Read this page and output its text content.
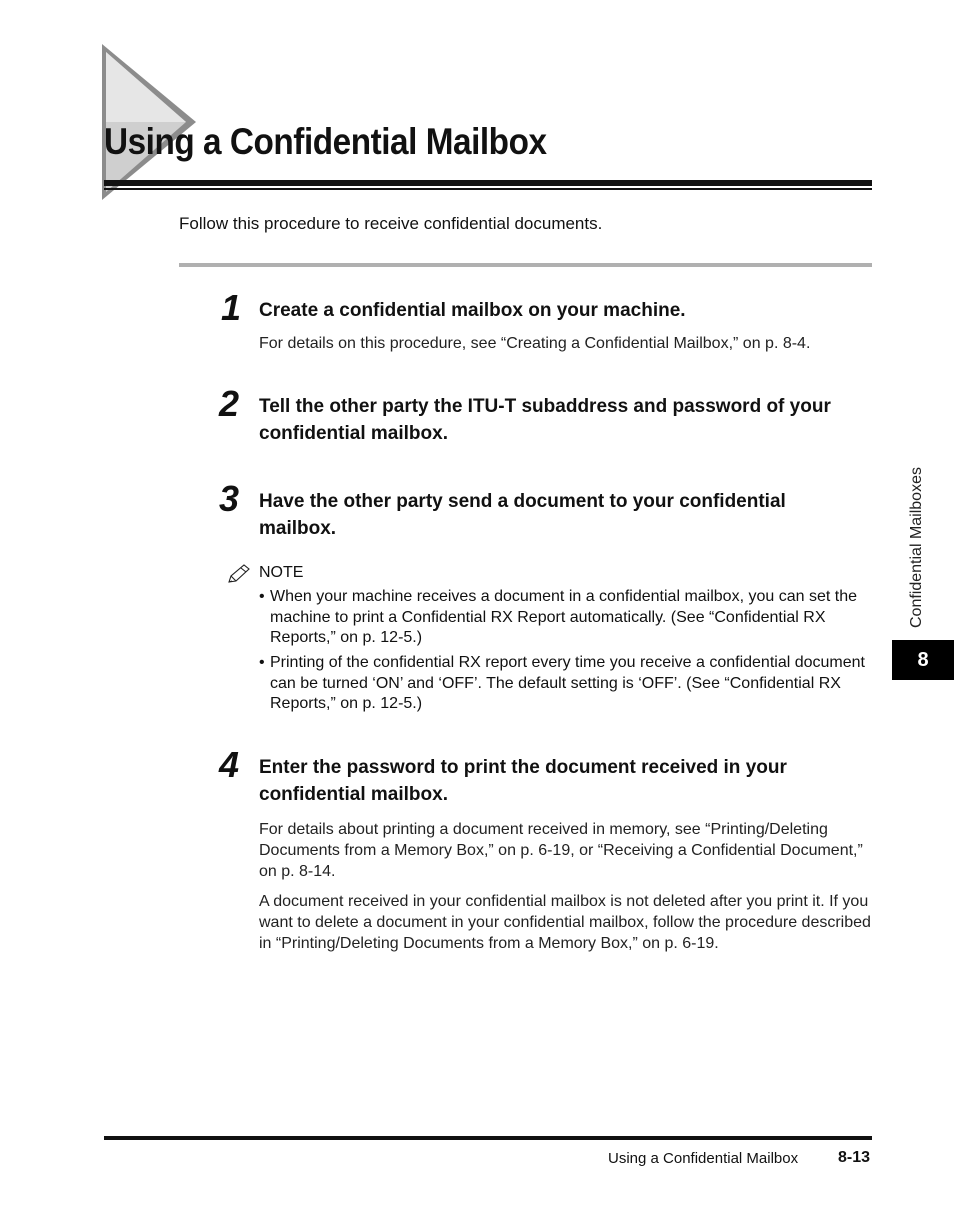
Using a Confidential Mailbox
Follow this procedure to receive confidential documents.
1 Create a confidential mailbox on your machine.
For details on this procedure, see “Creating a Confidential Mailbox,” on p. 8-4.
2 Tell the other party the ITU-T subaddress and password of your confidential mailbox.
3 Have the other party send a document to your confidential mailbox.
NOTE
• When your machine receives a document in a confidential mailbox, you can set the machine to print a Confidential RX Report automatically. (See “Confidential RX Reports,” on p. 12-5.)
• Printing of the confidential RX report every time you receive a confidential document can be turned ‘ON’ and ‘OFF’. The default setting is ‘OFF’. (See “Confidential RX Reports,” on p. 12-5.)
4 Enter the password to print the document received in your confidential mailbox.
For details about printing a document received in memory, see “Printing/Deleting Documents from a Memory Box,” on p. 6-19, or “Receiving a Confidential Document,” on p. 8-14.
A document received in your confidential mailbox is not deleted after you print it. If you want to delete a document in your confidential mailbox, follow the procedure described in “Printing/Deleting Documents from a Memory Box,” on p. 6-19.
Confidential Mailboxes
8
Using a Confidential Mailbox 8-13
